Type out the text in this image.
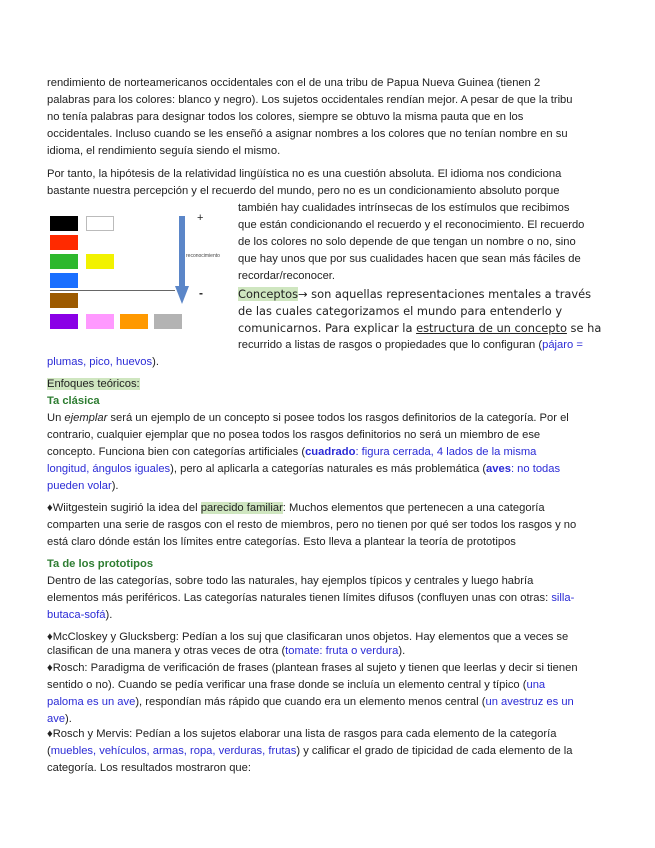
rendimiento de norteamericanos occidentales con el de una tribu de Papua Nueva Guinea (tienen 2

palabras para los colores: blanco y negro). Los sujetos occidentales rendían mejor. A pesar de que la tribu

no tenía palabras para designar todos los colores, siempre se obtuvo la misma pauta que en los

occidentales. Incluso cuando se les enseñó a asignar nombres a los colores que no tenían nombre en su

idioma, el rendimiento seguía siendo el mismo.

Por tanto, la hipótesis de la relatividad lingüística no es una cuestión absoluta. El idioma nos condiciona

bastante nuestra percepción y el recuerdo del mundo, pero no es un condicionamiento absoluto porque

también hay cualidades intrínsecas de los estímulos que recibimos

que están condicionando el recuerdo y el reconocimiento. El recuerdo

de los colores no solo depende de que tengan un nombre o no, sino

que hay unos que por sus cualidades hacen que sean más fáciles de

recordar/reconocer.

reconocimiento
+
-	Conceptos→ son aquellas representaciones mentales a través

de las cuales categorizamos el mundo para entenderlo y

comunicarnos. Para explicar la estructura de un concepto se ha

recurrido a listas de rasgos o propiedades que lo configuran (pájaro =

plumas, pico, huevos).

Enfoques teóricos:

Ta clásica

Un ejemplar será un ejemplo de un concepto si posee todos los rasgos definitorios de la categoría. Por el

contrario, cualquier ejemplar que no posea todos los rasgos definitorios no será un miembro de ese

concepto. Funciona bien con categorías artificiales (cuadrado: figura cerrada, 4 lados de la misma

longitud, ángulos iguales), pero al aplicarla a categorías naturales es más problemática (aves: no todas

pueden volar).

♦Wiitgestein sugirió la idea del parecido familiar: Muchos elementos que pertenecen a una categoría

comparten una serie de rasgos con el resto de miembros, pero no tienen por qué ser todos los rasgos y no

está claro dónde están los límites entre categorías. Esto lleva a plantear la teoría de prototipos

Ta de los prototipos

Dentro de las categorías, sobre todo las naturales, hay ejemplos típicos y centrales y luego habría

elementos más periféricos. Las categorías naturales tienen límites difusos (confluyen unas con otras: silla-

butaca-sofá).

♦McCloskey y Glucksberg: Pedían a los suj que clasificaran unos objetos. Hay elementos que a veces se

clasifican de una manera y otras veces de otra (tomate: fruta o verdura).

♦Rosch: Paradigma de verificación de frases (plantean frases al sujeto y tienen que leerlas y decir si tienen

sentido o no). Cuando se pedía verificar una frase donde se incluía un elemento central y típico (una

paloma es un ave), respondían más rápido que cuando era un elemento menos central (un avestruz es un

ave).

♦Rosch y Mervis: Pedían a los sujetos elaborar una lista de rasgos para cada elemento de la categoría

(muebles, vehículos, armas, ropa, verduras, frutas) y calificar el grado de tipicidad de cada elemento de la

categoría. Los resultados mostraron que:
